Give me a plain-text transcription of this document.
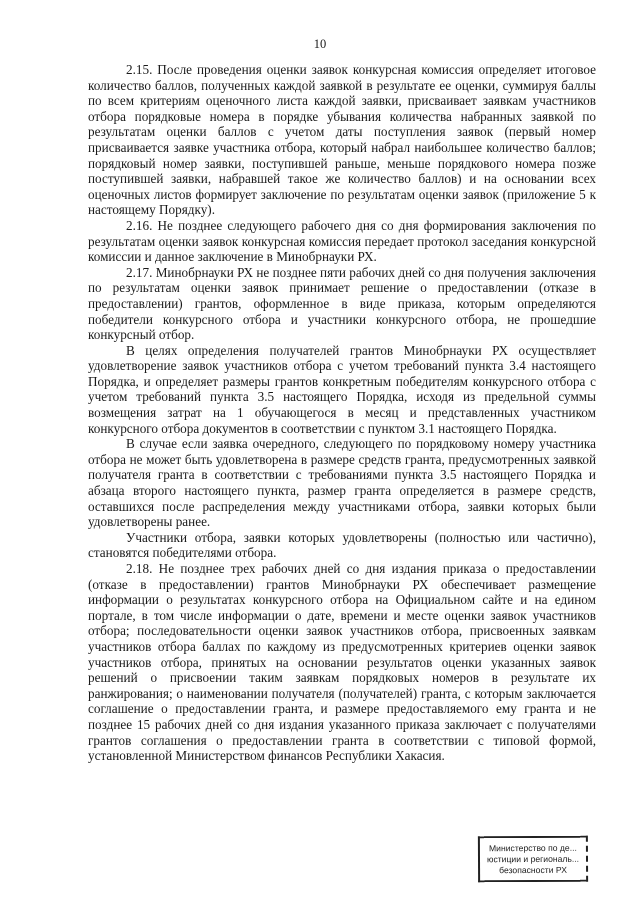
10

2.15. После проведения оценки заявок конкурсная комиссия определяет итоговое количество баллов, полученных каждой заявкой в результате ее оценки, суммируя баллы по всем критериям оценочного листа каждой заявки, присваивает заявкам участников отбора порядковые номера в порядке убывания количества набранных заявкой по результатам оценки баллов с учетом даты поступления заявок (первый номер присваивается заявке участника отбора, который набрал наибольшее количество баллов; порядковый номер заявки, поступившей раньше, меньше порядкового номера позже поступившей заявки, набравшей такое же количество баллов) и на основании всех оценочных листов формирует заключение по результатам оценки заявок (приложение 5 к настоящему Порядку).

2.16. Не позднее следующего рабочего дня со дня формирования заключения по результатам оценки заявок конкурсная комиссия передает протокол заседания конкурсной комиссии и данное заключение в Минобрнауки РХ.

2.17. Минобрнауки РХ не позднее пяти рабочих дней со дня получения заключения по результатам оценки заявок принимает решение о предоставлении (отказе в предоставлении) грантов, оформленное в виде приказа, которым определяются победители конкурсного отбора и участники конкурсного отбора, не прошедшие конкурсный отбор.

В целях определения получателей грантов Минобрнауки РХ осуществляет удовлетворение заявок участников отбора с учетом требований пункта 3.4 настоящего Порядка, и определяет размеры грантов конкретным победителям конкурсного отбора с учетом требований пункта 3.5 настоящего Порядка, исходя из предельной суммы возмещения затрат на 1 обучающегося в месяц и представленных участником конкурсного отбора документов в соответствии с пунктом 3.1 настоящего Порядка.

В случае если заявка очередного, следующего по порядковому номеру участника отбора не может быть удовлетворена в размере средств гранта, предусмотренных заявкой получателя гранта в соответствии с требованиями пункта 3.5 настоящего Порядка и абзаца второго настоящего пункта, размер гранта определяется в размере средств, оставшихся после распределения между участниками отбора, заявки которых были удовлетворены ранее.

Участники отбора, заявки которых удовлетворены (полностью или частично), становятся победителями отбора.

2.18. Не позднее трех рабочих дней со дня издания приказа о предоставлении (отказе в предоставлении) грантов Минобрнауки РХ обеспечивает размещение информации о результатах конкурсного отбора на Официальном сайте и на едином портале, в том числе информации о дате, времени и месте оценки заявок участников отбора; последовательности оценки заявок участников отбора, присвоенных заявкам участников отбора баллах по каждому из предусмотренных критериев оценки заявок участников отбора, принятых на основании результатов оценки указанных заявок решений о присвоении таким заявкам порядковых номеров в результате их ранжирования; о наименовании получателя (получателей) гранта, с которым заключается соглашение о предоставлении гранта, и размере предоставляемого ему гранта и не позднее 15 рабочих дней со дня издания указанного приказа заключает с получателями грантов соглашения о предоставлении гранта в соответствии с типовой формой, установленной Министерством финансов Республики Хакасия.

Министерство по де...
юстиции и региональ...
безопасности РХ
